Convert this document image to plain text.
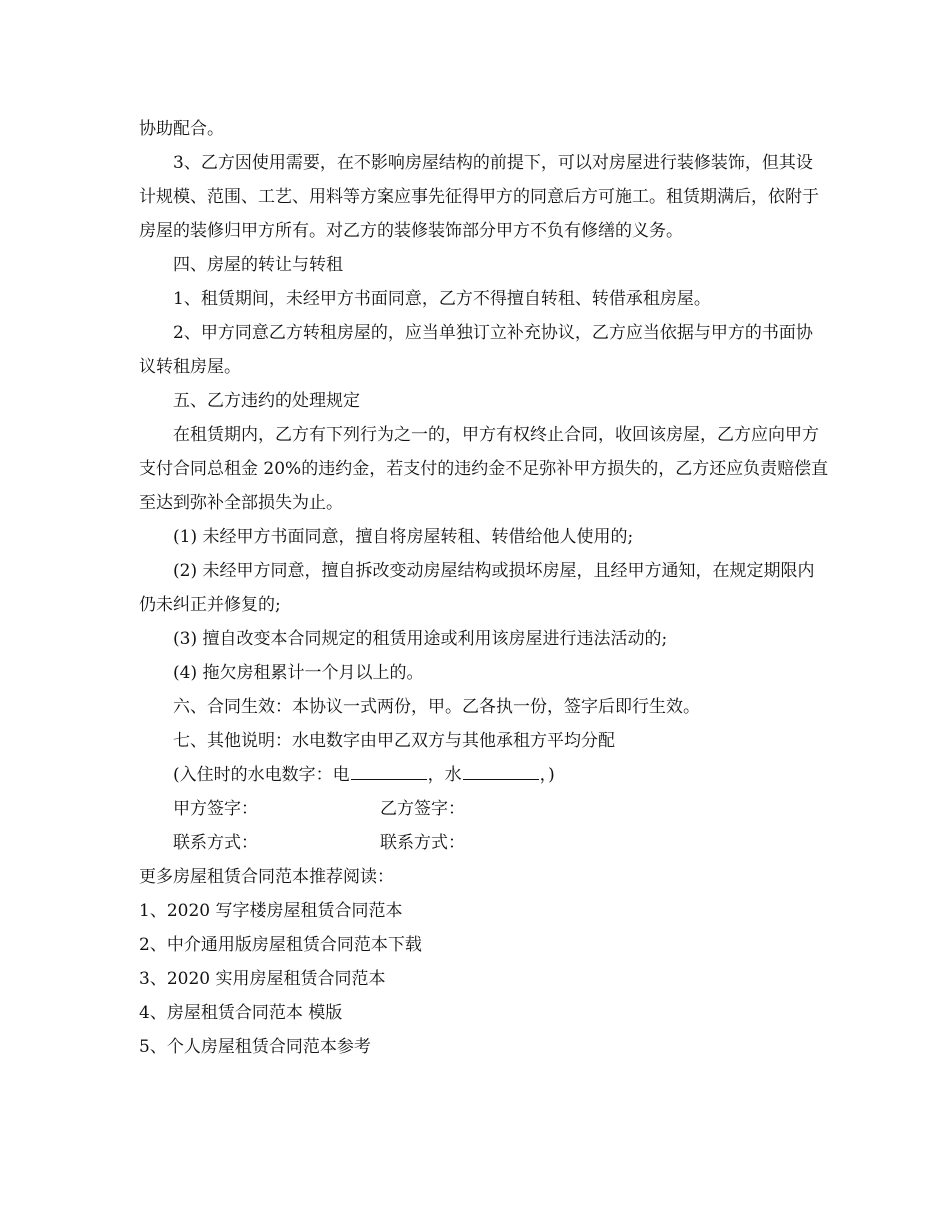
协助配合。

3、乙方因使用需要，在不影响房屋结构的前提下，可以对房屋进行装修装饰，但其设计规模、范围、工艺、用料等方案应事先征得甲方的同意后方可施工。租赁期满后，依附于房屋的装修归甲方所有。对乙方的装修装饰部分甲方不负有修缮的义务。

四、房屋的转让与转租

1、租赁期间，未经甲方书面同意，乙方不得擅自转租、转借承租房屋。

2、甲方同意乙方转租房屋的，应当单独订立补充协议，乙方应当依据与甲方的书面协议转租房屋。

五、乙方违约的处理规定

在租赁期内，乙方有下列行为之一的，甲方有权终止合同，收回该房屋，乙方应向甲方支付合同总租金 20%的违约金，若支付的违约金不足弥补甲方损失的，乙方还应负责赔偿直至达到弥补全部损失为止。

(1) 未经甲方书面同意，擅自将房屋转租、转借给他人使用的;

(2) 未经甲方同意，擅自拆改变动房屋结构或损坏房屋，且经甲方通知，在规定期限内仍未纠正并修复的;

(3) 擅自改变本合同规定的租赁用途或利用该房屋进行违法活动的;

(4) 拖欠房租累计一个月以上的。

六、合同生效：本协议一式两份，甲。乙各执一份，签字后即行生效。

七、其他说明：水电数字由甲乙双方与其他承租方平均分配

(入住时的水电数字：电	，水	，)

甲方签字：	乙方签字：
联系方式：	联系方式：

更多房屋租赁合同范本推荐阅读：

1、2020 写字楼房屋租赁合同范本

2、中介通用版房屋租赁合同范本下载

3、2020 实用房屋租赁合同范本

4、房屋租赁合同范本 模版

5、个人房屋租赁合同范本参考
